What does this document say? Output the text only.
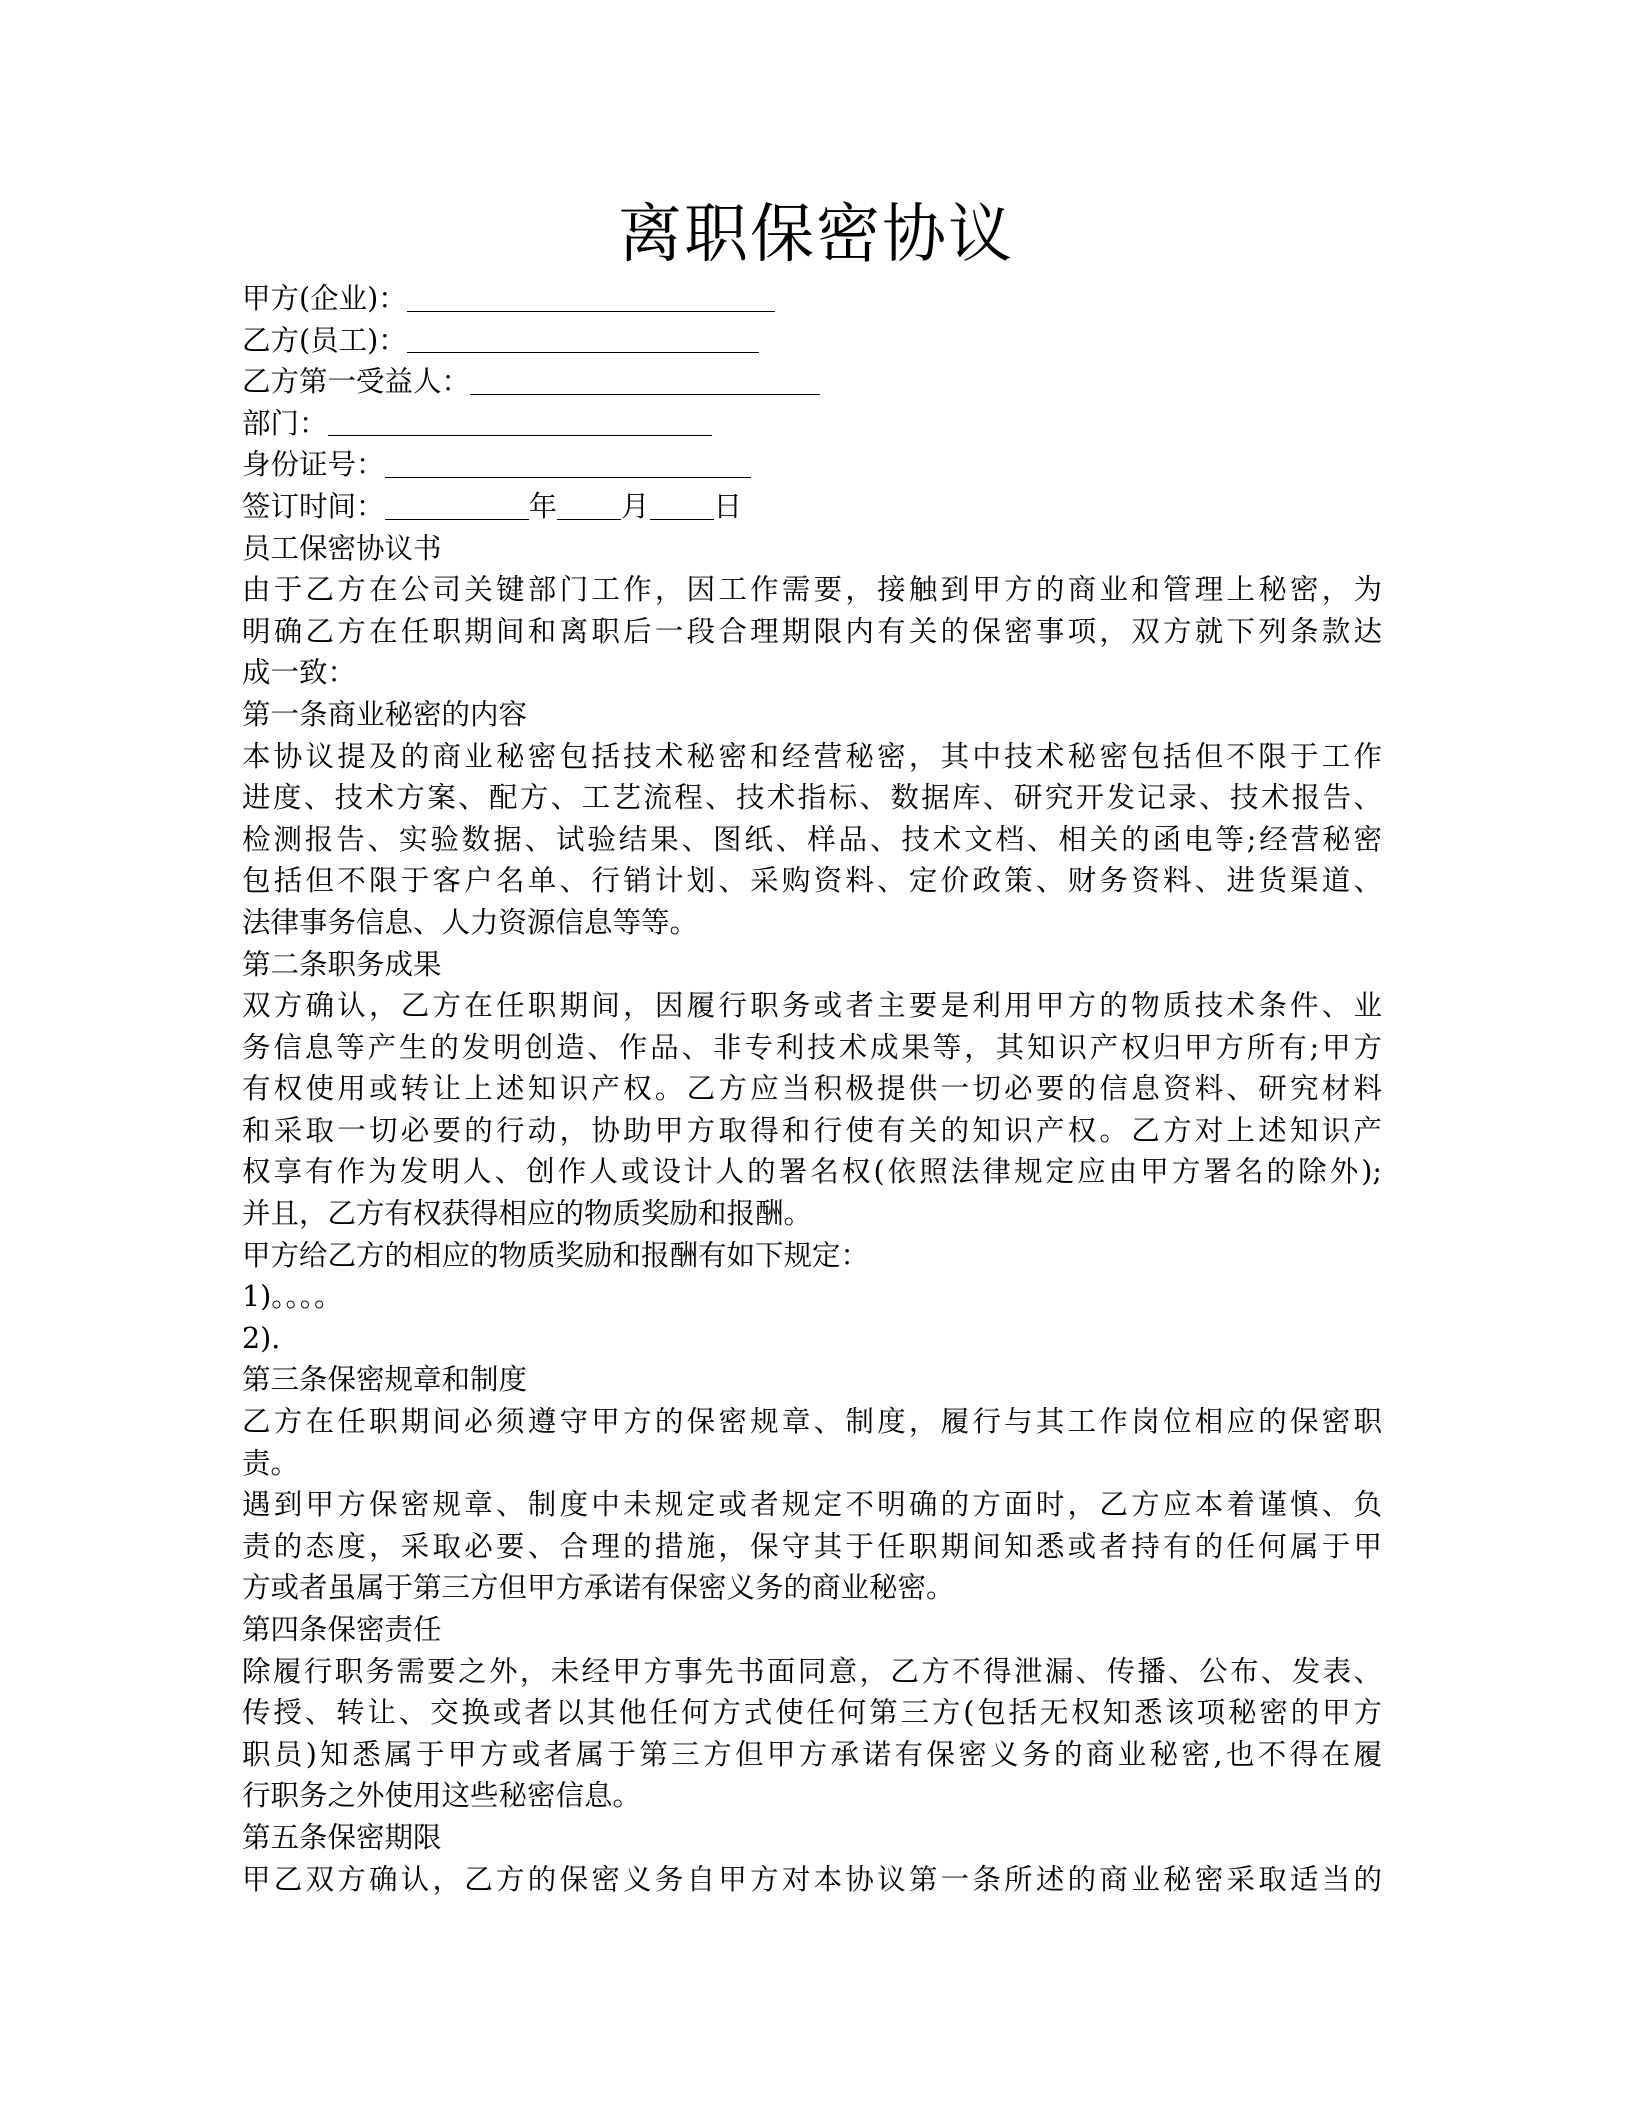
离职保密协议
甲方(企业)：
乙方(员工)：
乙方第一受益人：
部门：
身份证号：
签订时间：	年 月 日
员工保密协议书
由于乙方在公司关键部门工作，因工作需要，接触到甲方的商业和管理上秘密，为
明确乙方在任职期间和离职后一段合理期限内有关的保密事项，双方就下列条款达
成一致：
第一条商业秘密的内容
本协议提及的商业秘密包括技术秘密和经营秘密，其中技术秘密包括但不限于工作
进度、技术方案、配方、工艺流程、技术指标、数据库、研究开发记录、技术报告、
检测报告、实验数据、试验结果、图纸、样品、技术文档、相关的函电等;经营秘密
包括但不限于客户名单、行销计划、采购资料、定价政策、财务资料、进货渠道、
法律事务信息、人力资源信息等等。
第二条职务成果
双方确认，乙方在任职期间，因履行职务或者主要是利用甲方的物质技术条件、业
务信息等产生的发明创造、作品、非专利技术成果等，其知识产权归甲方所有;甲方
有权使用或转让上述知识产权。乙方应当积极提供一切必要的信息资料、研究材料
和采取一切必要的行动，协助甲方取得和行使有关的知识产权。乙方对上述知识产
权享有作为发明人、创作人或设计人的署名权(依照法律规定应由甲方署名的除外);
并且，乙方有权获得相应的物质奖励和报酬。
甲方给乙方的相应的物质奖励和报酬有如下规定：
1)。。。。
2).
第三条保密规章和制度
乙方在任职期间必须遵守甲方的保密规章、制度，履行与其工作岗位相应的保密职
责。
遇到甲方保密规章、制度中未规定或者规定不明确的方面时，乙方应本着谨慎、负
责的态度，采取必要、合理的措施，保守其于任职期间知悉或者持有的任何属于甲
方或者虽属于第三方但甲方承诺有保密义务的商业秘密。
第四条保密责任
除履行职务需要之外，未经甲方事先书面同意，乙方不得泄漏、传播、公布、发表、
传授、转让、交换或者以其他任何方式使任何第三方(包括无权知悉该项秘密的甲方
职员)知悉属于甲方或者属于第三方但甲方承诺有保密义务的商业秘密,也不得在履
行职务之外使用这些秘密信息。
第五条保密期限
甲乙双方确认，乙方的保密义务自甲方对本协议第一条所述的商业秘密采取适当的
